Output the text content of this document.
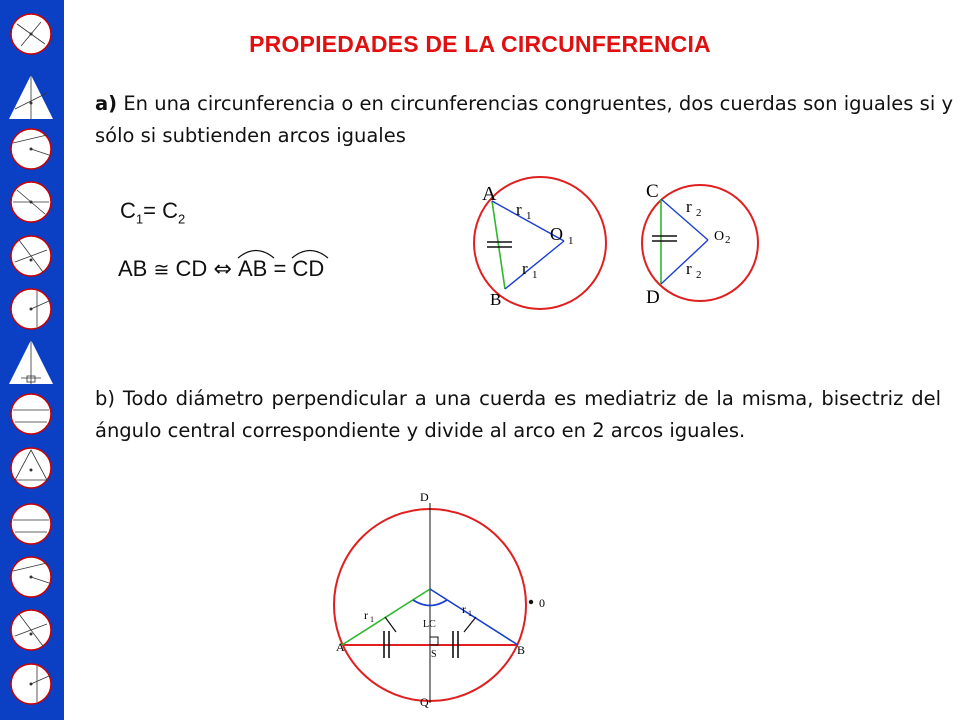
PROPIEDADES DE LA CIRCUNFERENCIA
a) En una circunferencia o en circunferencias congruentes, dos cuerdas son iguales si y sólo si subtienden arcos iguales
$C_1= C_2$
AB ≅ CD ⇔ AB = CD
A
B
O 1
r 1
r 1
C
D
O 2
r 2
r 2
b) Todo diámetro perpendicular a una cuerda es mediatriz de la misma, bisectriz del ángulo central correspondiente y divide al arco en 2 arcos iguales.
D
Q
A	B
0
LC
S
r 1
r 1
